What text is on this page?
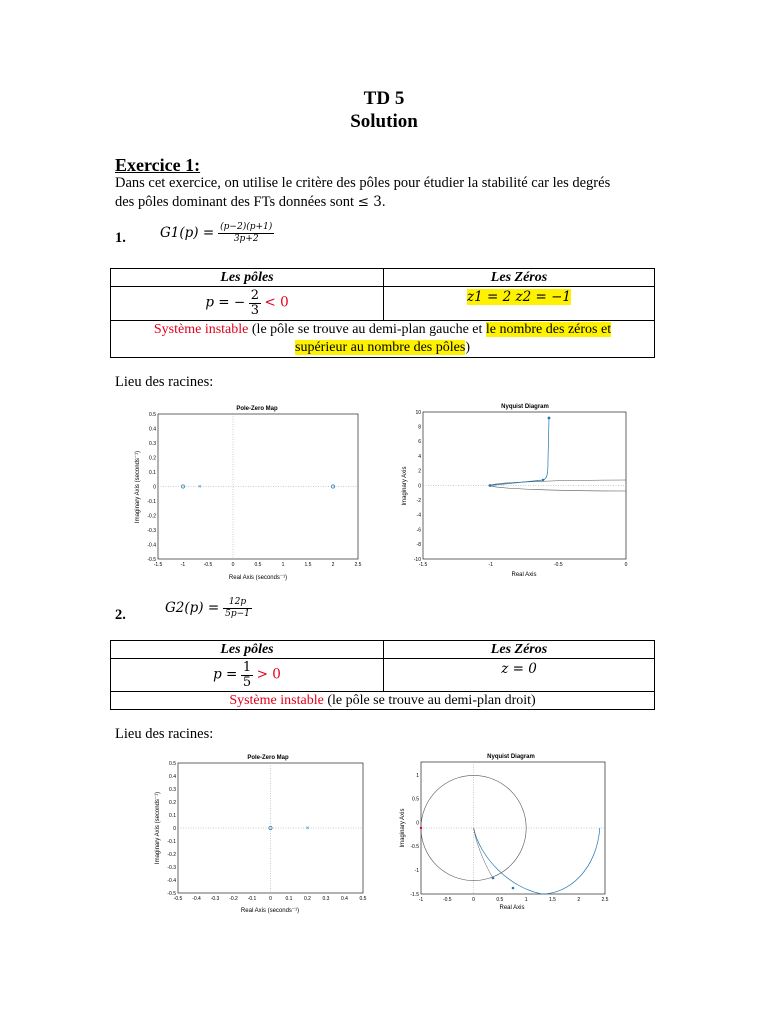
TD 5
Solution
Exercice 1:
Dans cet exercice, on utilise le critère des pôles pour étudier la stabilité car les degrés
des pôles dominant des FTs données sont ≤ 3.
1.	$G1(p) = \frac{(p-2)(p+1)}{3p+2}$
Les pôles	Les Zéros
p = − $\frac{2}{3} < 0$	z1 = 2 z2 = −1
Système instable (le pôle se trouve au demi-plan gauche et le nombre des zéros et
supérieur au nombre des pôles)	
Lieu des racines:
Pole-Zero Map
0.5
0.4
0.3
0.2
0.1
0
-0.1
-0.2
-0.3
-0.4
-0.5
-1.5	-1	-0.5	0	0.5	1	1.5	2	2.5
×
Real Axis (seconds⁻¹)
Imaginary Axis (seconds⁻¹)
Nyquist Diagram
10
8
6
4
2
0
-2
-4
-6
-8
-10
-1.5	-1	-0.5	0
Real Axis
Imaginary Axis
2.	$G2(p) = \frac{12p}{5p-1}$
Les pôles	Les Zéros
$p = \frac{1}{5} > 0$	z = 0
Système instable (le pôle se trouve au demi-plan droit)	
Lieu des racines:
Pole-Zero Map
0.5
0.4
0.3
0.2
0.1
0
-0.1
-0.2
-0.3
-0.4
-0.5
-0.5 -0.4 -0.3 -0.2 -0.1	0	0.1 0.2 0.3 0.4 0.5
×
Real Axis (seconds⁻¹)
Imaginary Axis (seconds⁻¹)
Nyquist Diagram
1
0.5
0
-0.5
-1
-1.5
-1	-0.5	0	0.5	1	1.5	2	2.5
Real Axis
Imaginary Axis
